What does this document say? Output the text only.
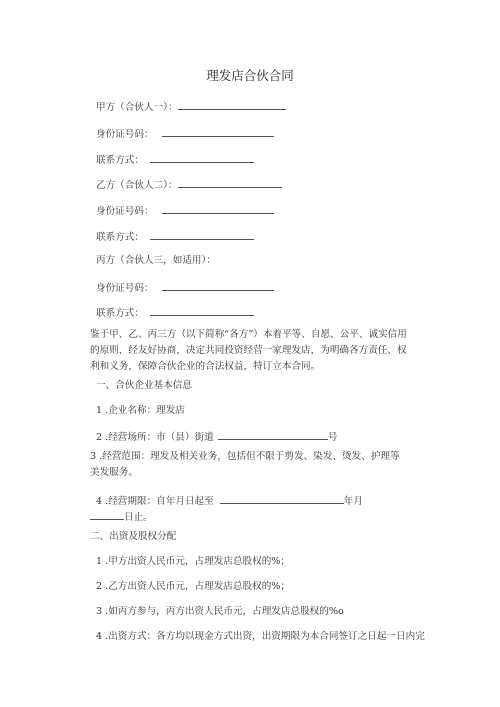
理发店合伙合同
甲方（合伙人一）：
身份证号码：
联系方式：
乙方（合伙人二）：
身份证号码：
联系方式：
丙方（合伙人三，如适用）：
身份证号码：
联系方式：
鉴于甲、乙、丙三方（以下简称“各方”）本着平等、自愿、公平、诚实信用的原则，经友好协商，决定共同投资经营一家理发店，为明确各方责任、权利和义务，保障合伙企业的合法权益，特订立本合同。
一、合伙企业基本信息
1 .企业名称：理发店
2 .经营场所：市（县）街道	号
3 .经营范围：理发及相关业务，包括但不限于剪发、染发、烫发、护理等美发服务。
4 .经营期限：自年月日起至	年月
日止。
二、出资及股权分配
1 .甲方出资人民币元，占理发店总股权的%；
2 .乙方出资人民币元，占理发店总股权的%；
3 .如丙方参与，丙方出资人民币元，占理发店总股权的%o
4 .出资方式：各方均以现金方式出资，出资期限为本合同签订之日起一日内完
